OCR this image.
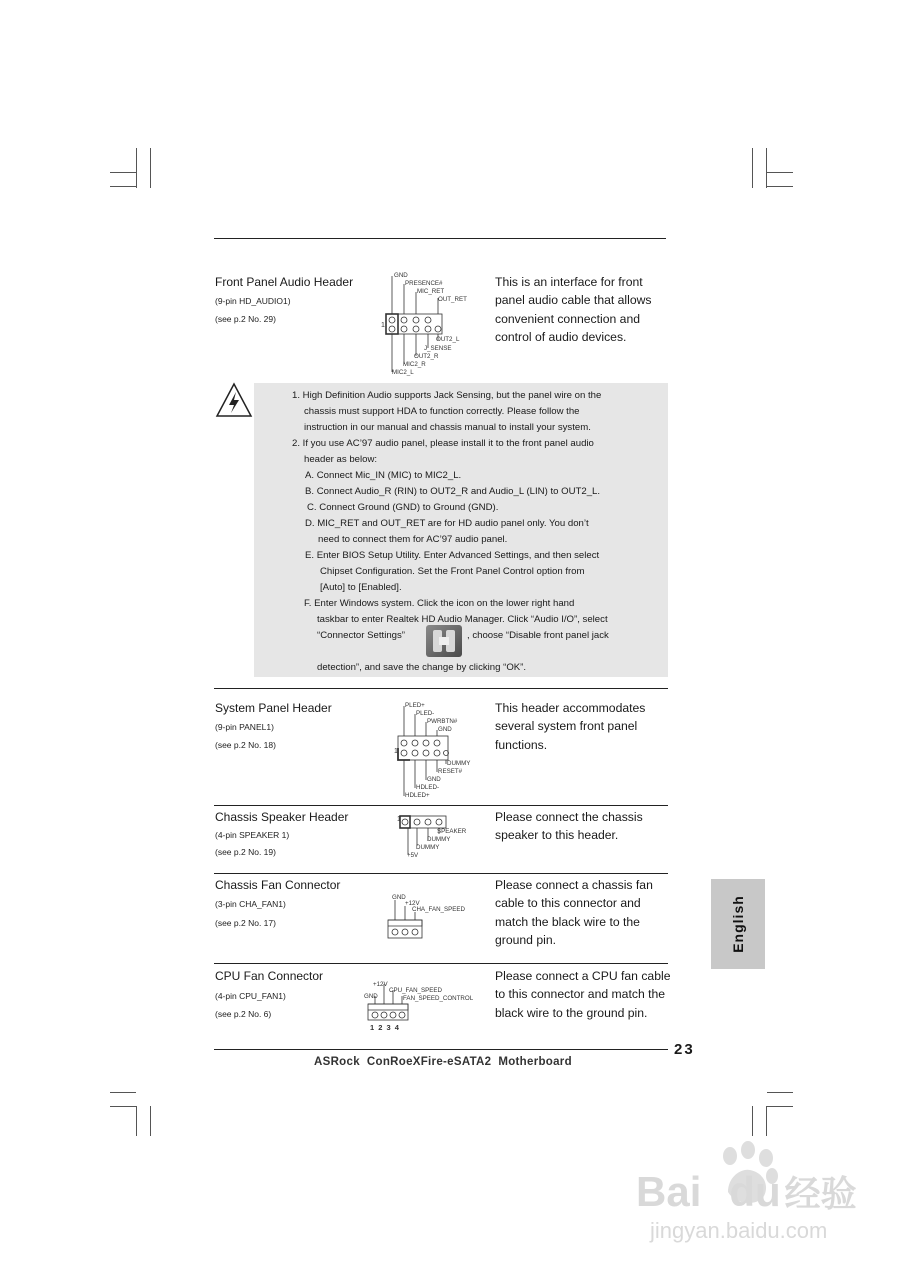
Front Panel Audio Header
(9-pin HD_AUDIO1)
(see p.2 No. 29)
This is an interface for front panel audio cable that allows convenient connection and control of audio devices.
GND
PRESENCE#
MIC_RET
OUT_RET
OUT2_L
J_SENSE
OUT2_R
MIC2_R
MIC2_L
1
1. High Definition Audio supports Jack Sensing, but the panel wire on the
chassis must support HDA to function correctly. Please follow the
instruction in our manual and chassis manual to install your system.
2. If you use AC’97 audio panel, please install it to the front panel audio
header as below:
A. Connect Mic_IN (MIC) to MIC2_L.
B. Connect Audio_R (RIN) to OUT2_R and Audio_L (LIN) to OUT2_L.
C. Connect Ground (GND) to Ground (GND).
D. MIC_RET and OUT_RET are for HD audio panel only. You don’t
need to connect them for AC’97 audio panel.
E. Enter BIOS Setup Utility. Enter Advanced Settings, and then select
Chipset Configuration. Set the Front Panel Control option from
[Auto] to [Enabled].
F. Enter Windows system. Click the icon on the lower right hand
taskbar to enter Realtek HD Audio Manager. Click “Audio I/O”, select
“Connector Settings”	, choose “Disable front panel jack
detection”, and save the change by clicking “OK”.
System Panel Header
(9-pin PANEL1)
(see p.2 No. 18)
This header accommodates several system front panel functions.
PLED+
PLED-
PWRBTN#
GND
DUMMY
RESET#
GND
HDLED-
HDLED+
1
Chassis Speaker Header
(4-pin SPEAKER 1)
(see p.2 No. 19)
Please connect the chassis speaker to this header.
1
SPEAKER
DUMMY
DUMMY
+5V
Chassis Fan Connector
(3-pin CHA_FAN1)
(see p.2 No. 17)
Please connect a chassis fan cable to this connector and match the black wire to the ground pin.
GND
+12V
CHA_FAN_SPEED
CPU Fan Connector
(4-pin CPU_FAN1)
(see p.2 No. 6)
Please connect a CPU fan cable to this connector and match the black wire to the ground pin.
+12V
CPU_FAN_SPEED
GND	FAN_SPEED_CONTROL
1 2 3 4
23
ASRock  ConRoeXFire-eSATA2  Motherboard
English
Bai du 经验
jingyan.baidu.com
